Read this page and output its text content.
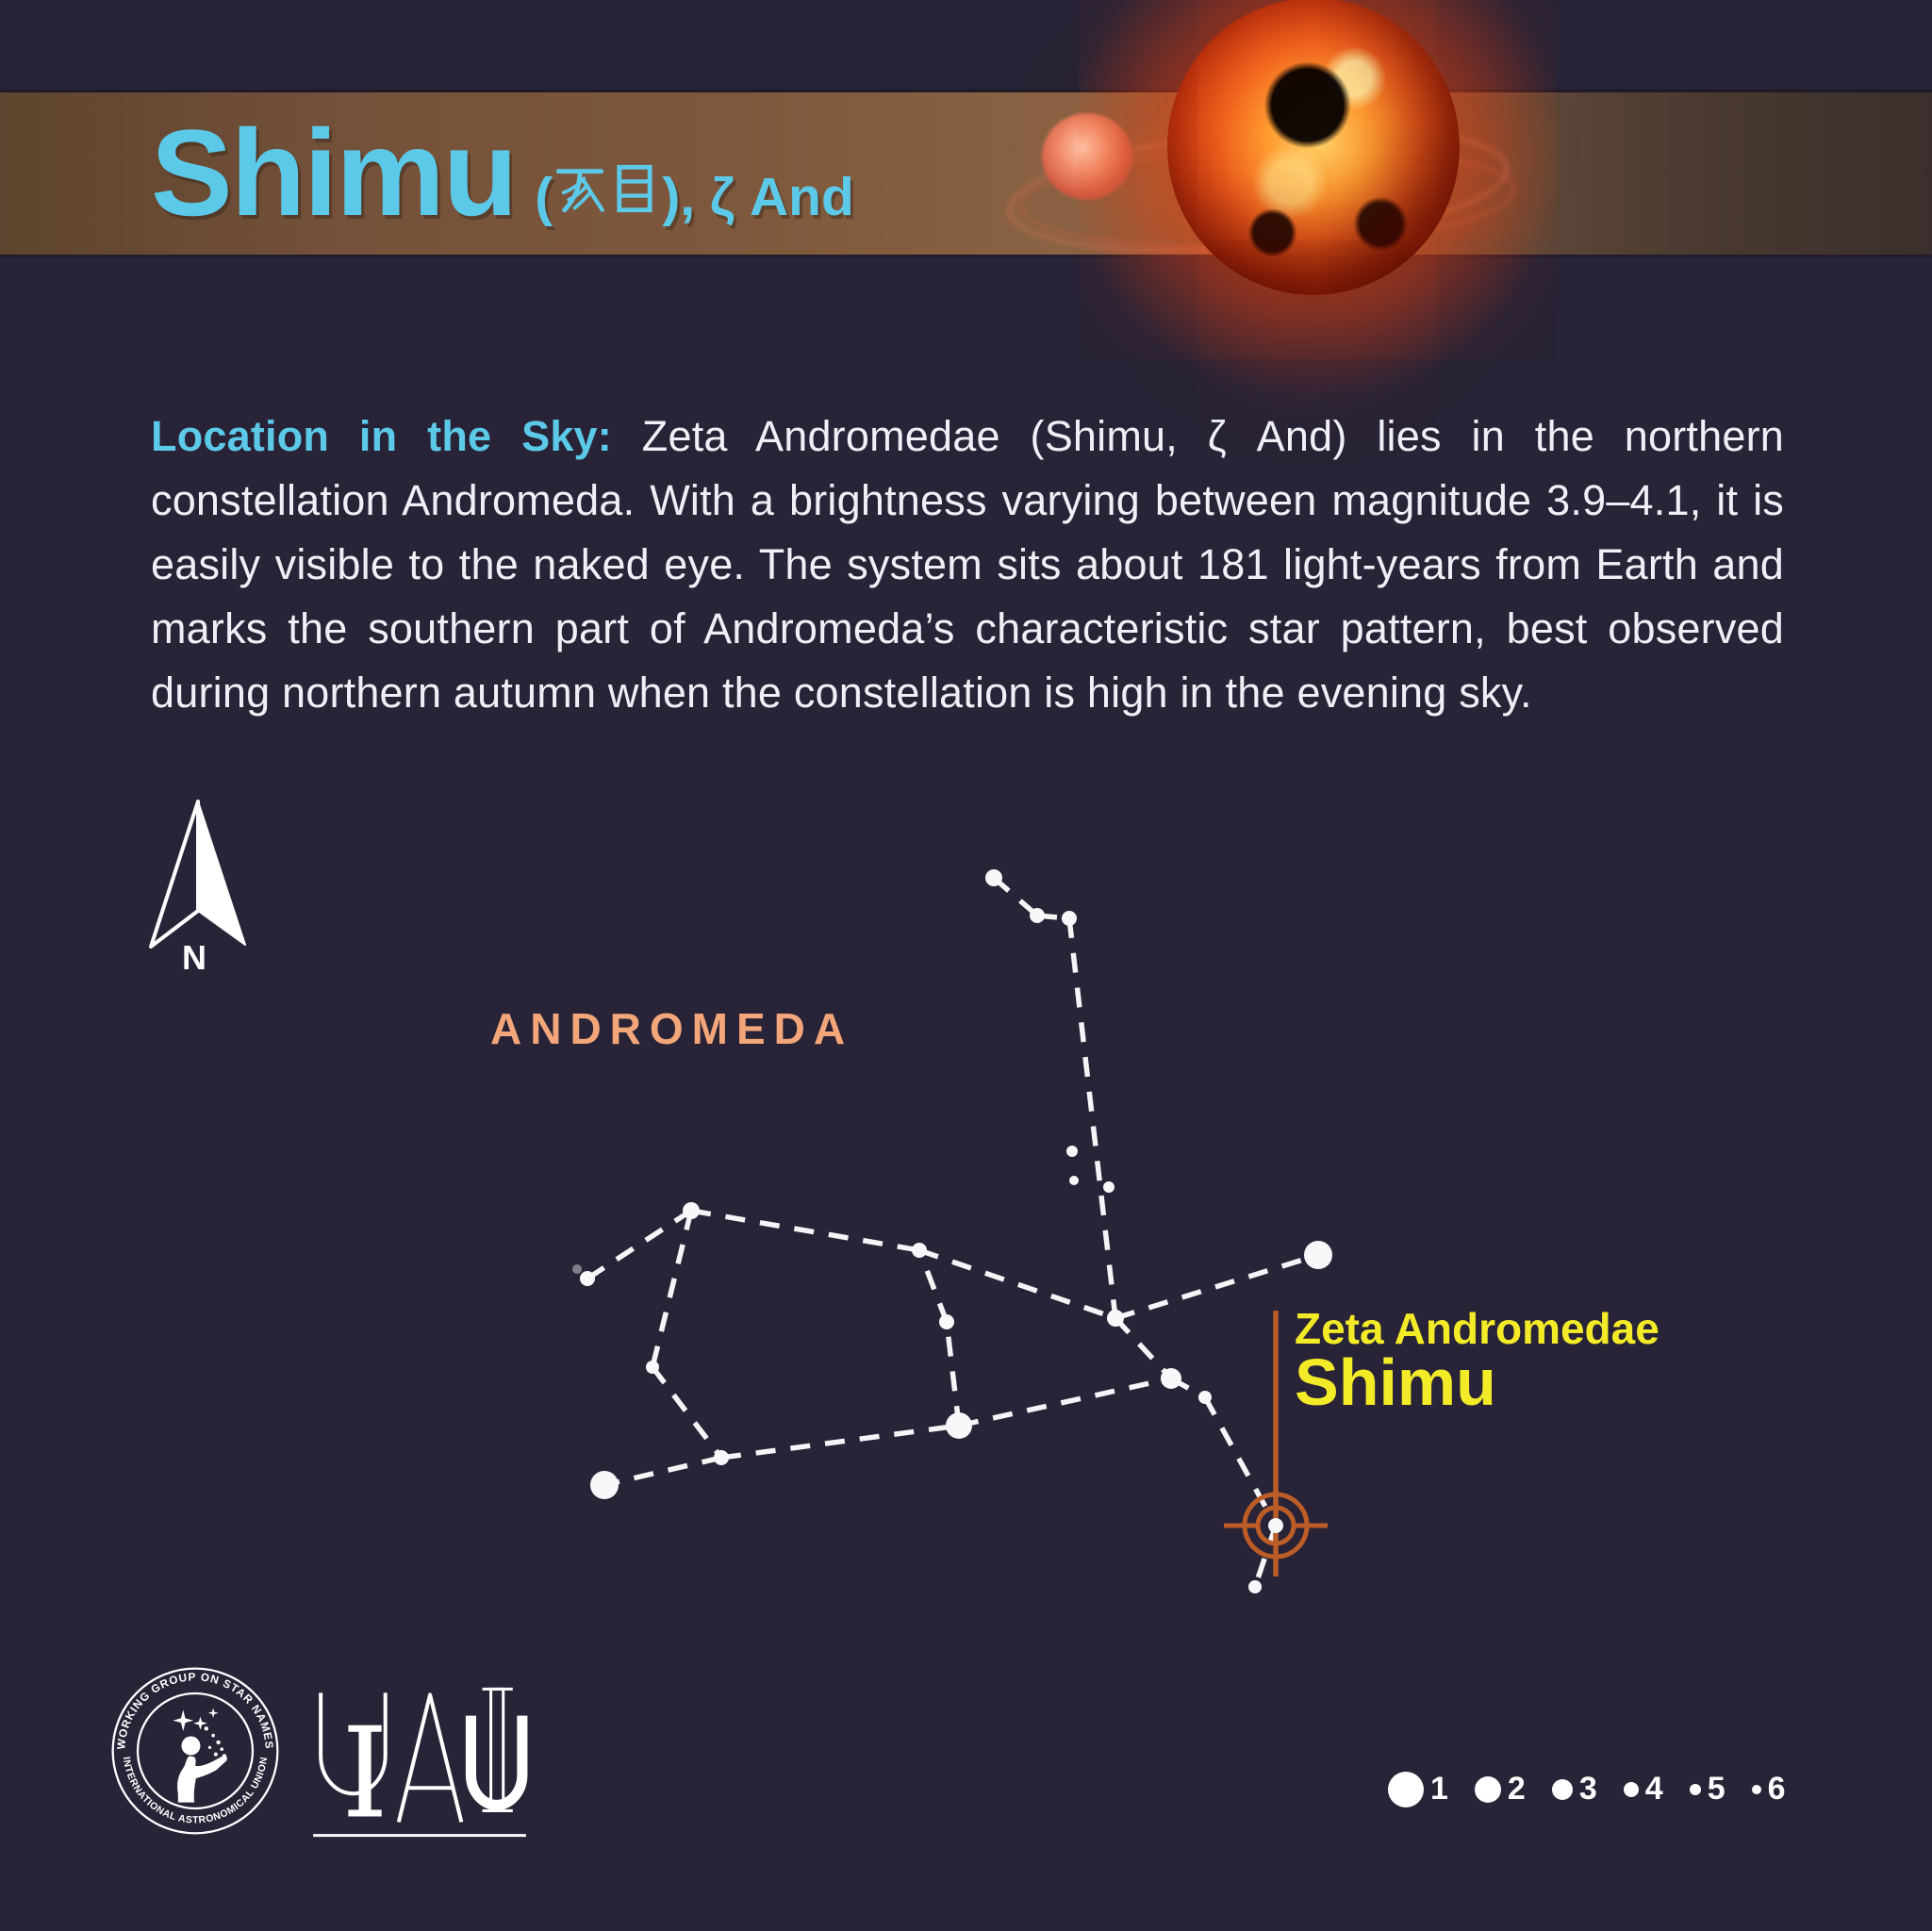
Shimu ( ), ζ And

Location in the Sky: Zeta Andromedae (Shimu, ζ And) lies in the northern constellation Andromeda. With a brightness varying between magnitude 3.9–4.1, it is easily visible to the naked eye. The system sits about 181 light-years from Earth and marks the southern part of Andromeda’s characteristic star pattern, best observed during northern autumn when the constellation is high in the evening sky.

N
ANDROMEDA
Zeta Andromedae
Shimu
1 2 3 4 5 6
WORKING GROUP ON STAR NAMES
INTERNATIONAL ASTRONOMICAL UNION
